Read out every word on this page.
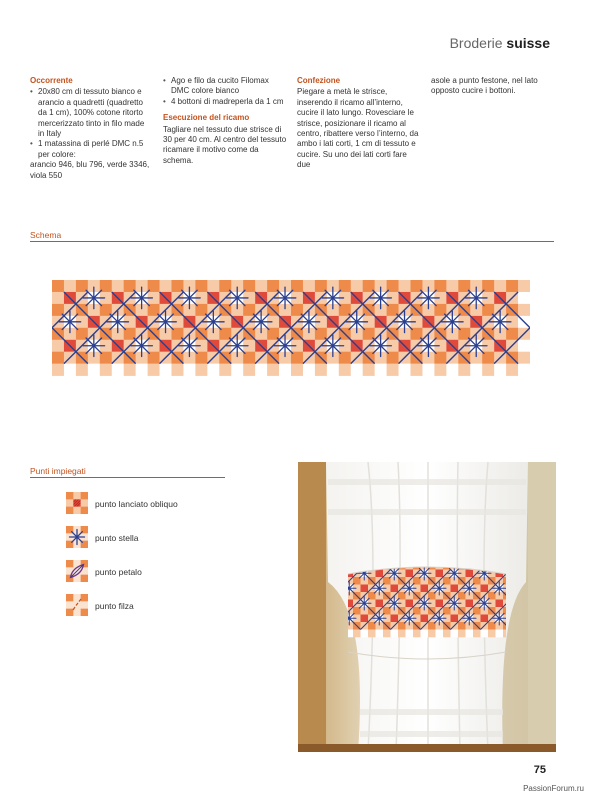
Broderie suisse
Occorrente
• 20x80 cm di tessuto bianco e arancio a quadretti (quadretto da 1 cm), 100% cotone ritorto mercerizzato tinto in filo made in Italy
• 1 matassina di perlé DMC n.5 per colore:

arancio 946, blu 796, verde 3346, viola 550

• Ago e filo da cucito Filomax DMC colore bianco
• 4 bottoni di madreperla da 1 cm
Esecuzione del ricamo

Tagliare nel tessuto due strisce di 30 per 40 cm. Al centro del tessuto ricamare il motivo come da schema.

Confezione

Piegare a metà le strisce, inserendo il ricamo all’interno, cucire il lato lungo. Rovesciare le strisce, posizionare il ricamo al centro, ribattere verso l’interno, da ambo i lati corti, 1 cm di tessuto e cucire. Su uno dei lati corti fare due

asole a punto festone, nel lato opposto cucire i bottoni.

Schema
Punti impiegati
punto lanciato obliquo
punto stella
punto petalo
punto filza
75
PassionForum.ru
